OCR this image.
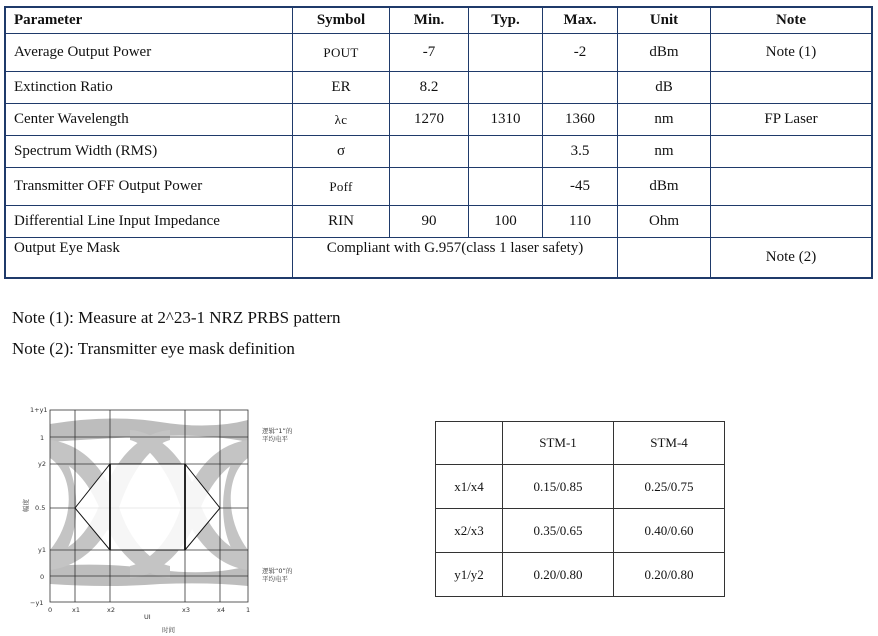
Parameter	Symbol	Min.	Typ.	Max.	Unit	Note
Average Output Power	POUT	-7		-2	dBm	Note (1)
Extinction Ratio	ER	8.2			dB	
Center Wavelength	λc	1270	1310	1360	nm	FP Laser
Spectrum Width (RMS)	σ			3.5	nm	
Transmitter OFF Output Power	Poff			-45	dBm	
Differential Line Input Impedance	RIN	90	100	110	Ohm	
Output Eye Mask	Compliant with G.957(class 1 laser safety)					Note (2)
Note (1): Measure at 2^23-1 NRZ PRBS pattern
Note (2): Transmitter eye mask definition
1+y1
1
y2
0.5
y1
0
−y1
0	x1	x2	x3	x4	1
UI
时间
幅度
逻辑“1”的
平均电平
逻辑“0”的
平均电平
	STM-1	STM-4
x1/x4	0.15/0.85	0.25/0.75
x2/x3	0.35/0.65	0.40/0.60
y1/y2	0.20/0.80	0.20/0.80
